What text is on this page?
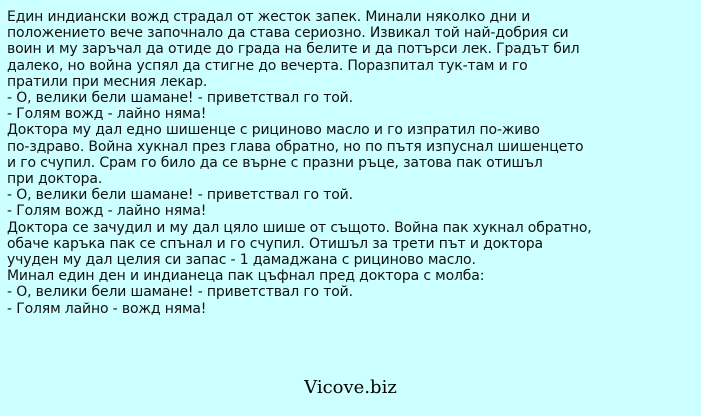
Един индиански вожд страдал от жесток запек. Минали няколко дни и
положението вече започнало да става сериозно. Извикал той най-добрия си
воин и му заръчал да отиде до града на белите и да потърси лек. Градът бил
далеко, но война успял да стигне до вечерта. Поразпитал тук-там и го
пратили при месния лекар.
- О, велики бели шамане! - приветствал го той.
- Голям вожд - лайно няма!
Доктора му дал едно шишенце с рициново масло и го изпратил по-живо
по-здраво. Война хукнал през глава обратно, но по пътя изпуснал шишенцето
и го счупил. Срам го било да се върне с празни ръце, затова пак отишъл
при доктора.
- О, велики бели шамане! - приветствал го той.
- Голям вожд - лайно няма!
Доктора се зачудил и му дал цяло шише от същото. Война пак хукнал обратно,
обаче каръка пак се спънал и го счупил. Отишъл за трети път и доктора
учуден му дал целия си запас - 1 дамаджана с рициново масло.
Минал един ден и индианеца пак цъфнал пред доктора с молба:
- О, велики бели шамане! - приветствал го той.
- Голям лайно - вожд няма!
Vicove.biz
